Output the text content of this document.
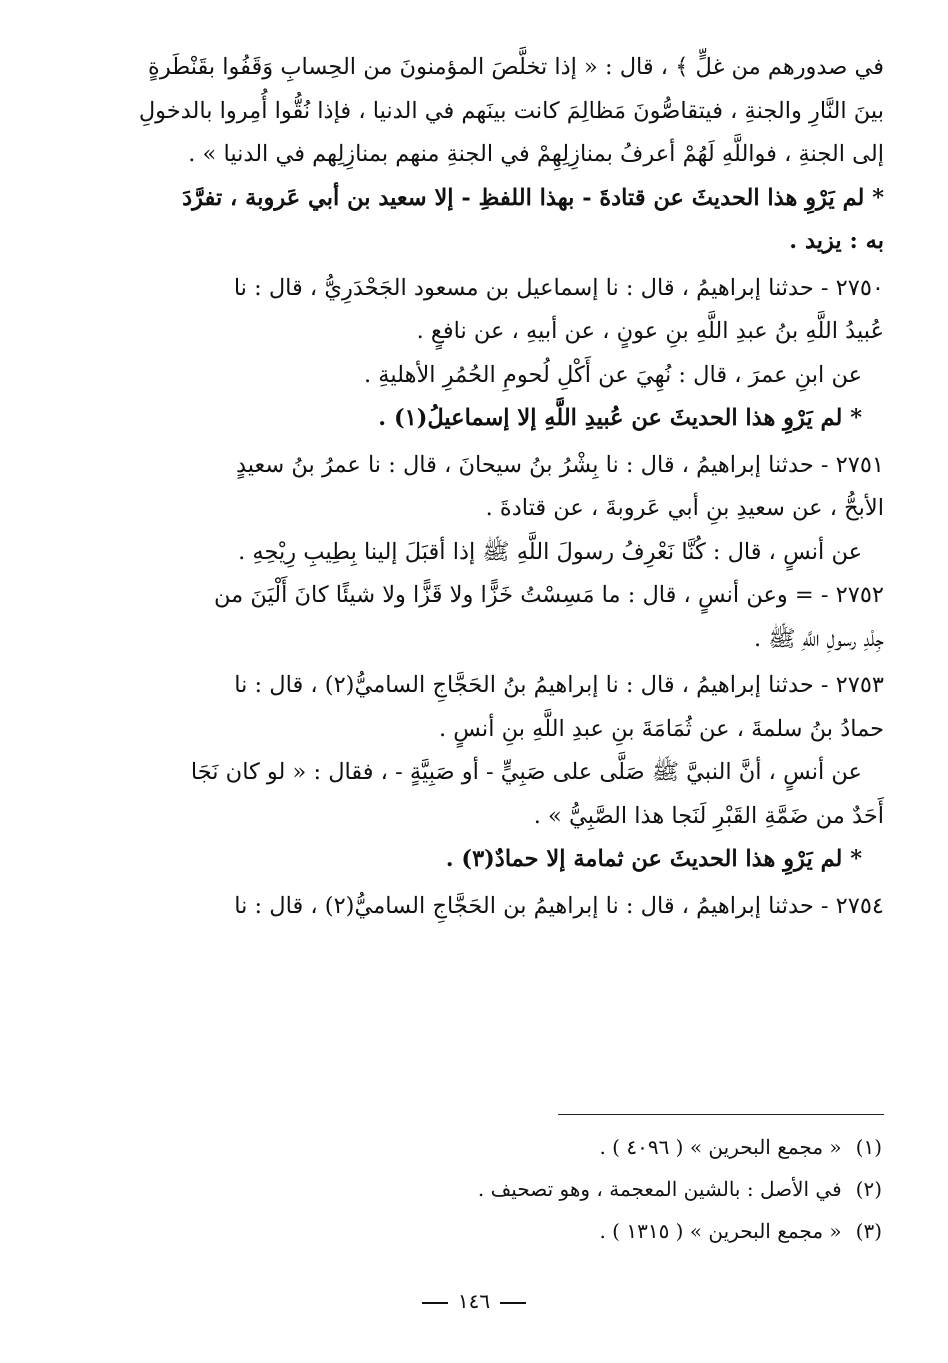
في صدورهم من غلٍّ ﴾ ، قال : « إذا تخلَّصَ المؤمنونَ من الحِسابِ وَقَفُوا بقَنْطَرةٍ
بينَ النَّارِ والجنةِ ، فيتقاصُّونَ مَظالِمَ كانت بينَهم في الدنيا ، فإذا نُقُّوا أُمِروا بالدخولِ
إلى الجنةِ ، فواللَّهِ لَهُمْ أعرفُ بمنازِلِهِمْ في الجنةِ منهم بمنازِلِهم في الدنيا » .
* لم يَرْوِ هذا الحديثَ عن قتادةَ - بهذا اللفظِ - إلا سعيد بن أبي عَروبة ، تفرَّدَ
به : يزيد .
٢٧٥٠ - حدثنا إبراهيمُ ، قال : نا إسماعيل بن مسعود الجَحْدَرِيُّ ، قال : نا
عُبيدُ اللَّهِ بنُ عبدِ اللَّهِ بنِ عونٍ ، عن أبيهِ ، عن نافعٍ .
عن ابنِ عمرَ ، قال : نُهِيَ عن أَكْلِ لُحومِ الحُمُرِ الأهليةِ .
* لم يَرْوِ هذا الحديثَ عن عُبيدِ اللَّهِ إلا إسماعيلُ(١) .
٢٧٥١ - حدثنا إبراهيمُ ، قال : نا بِشْرُ بنُ سيحانَ ، قال : نا عمرُ بنُ سعيدٍ
الأبحُّ ، عن سعيدِ بنِ أبي عَروبةَ ، عن قتادةَ .
عن أنسٍ ، قال : كُنَّا نَعْرِفُ رسولَ اللَّهِ ﷺ إذا أقبَلَ إلينا بِطِيبِ رِيْحِهِ .
٢٧٥٢ - = وعن أنسٍ ، قال : ما مَسِسْتُ خَزًّا ولا قَزًّا ولا شيئًا كانَ أَلْيَنَ من
جِلْدِ رسولِ اللَّهِ ﷺ .
٢٧٥٣ - حدثنا إبراهيمُ ، قال : نا إبراهيمُ بنُ الحَجَّاجِ الساميُّ(٢) ، قال : نا
حمادُ بنُ سلمةَ ، عن ثُمَامَةَ بنِ عبدِ اللَّهِ بنِ أنسٍ .
عن أنسٍ ، أنَّ النبيَّ ﷺ صَلَّى على صَبِيٍّ - أو صَبِيَّةٍ - ، فقال : « لو كان نَجَا
أَحَدٌ من ضَمَّةِ القَبْرِ لَنَجا هذا الصَّبِيُّ » .
* لم يَرْوِ هذا الحديثَ عن ثمامة إلا حمادٌ(٣) .
٢٧٥٤ - حدثنا إبراهيمُ ، قال : نا إبراهيمُ بن الحَجَّاجِ الساميُّ(٢) ، قال : نا
(١) « مجمع البحرين » ( ٤٠٩٦ ) .
(٢) في الأصل : بالشين المعجمة ، وهو تصحيف .
(٣) « مجمع البحرين » ( ١٣١٥ ) .
١٤٦
